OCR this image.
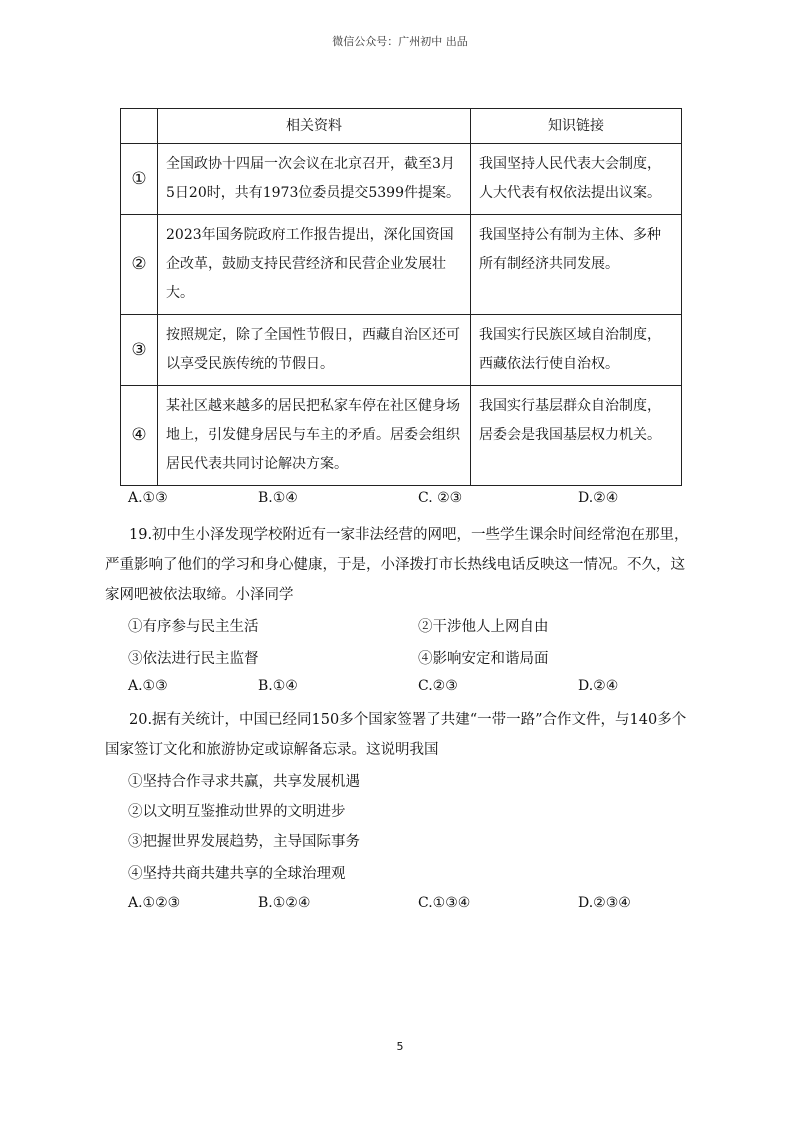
微信公众号：广州初中 出品
	相关资料	知识链接
①	全国政协十四届一次会议在北京召开，截至3月5日20时，共有1973位委员提交5399件提案。	我国坚持人民代表大会制度，人大代表有权依法提出议案。
②	2023年国务院政府工作报告提出，深化国资国企改革，鼓励支持民营经济和民营企业发展壮大。	我国坚持公有制为主体、多种所有制经济共同发展。
③	按照规定，除了全国性节假日，西藏自治区还可以享受民族传统的节假日。	我国实行民族区域自治制度，西藏依法行使自治权。
④	某社区越来越多的居民把私家车停在社区健身场地上，引发健身居民与车主的矛盾。居委会组织居民代表共同讨论解决方案。	我国实行基层群众自治制度，居委会是我国基层权力机关。
A.①③	B.①④	C. ②③	D.②④

19.初中生小泽发现学校附近有一家非法经营的网吧，一些学生课余时间经常泡在那里，严重影响了他们的学习和身心健康，于是，小泽拨打市长热线电话反映这一情况。不久，这家网吧被依法取缔。小泽同学

①有序参与民主生活	②干涉他人上网自由
③依法进行民主监督	④影响安定和谐局面
A.①③	B.①④	C.②③	D.②④

20.据有关统计，中国已经同150多个国家签署了共建“一带一路”合作文件，与140多个国家签订文化和旅游协定或谅解备忘录。这说明我国

①坚持合作寻求共赢，共享发展机遇
②以文明互鉴推动世界的文明进步
③把握世界发展趋势，主导国际事务
④坚持共商共建共享的全球治理观
A.①②③	B.①②④	C.①③④	D.②③④
5
